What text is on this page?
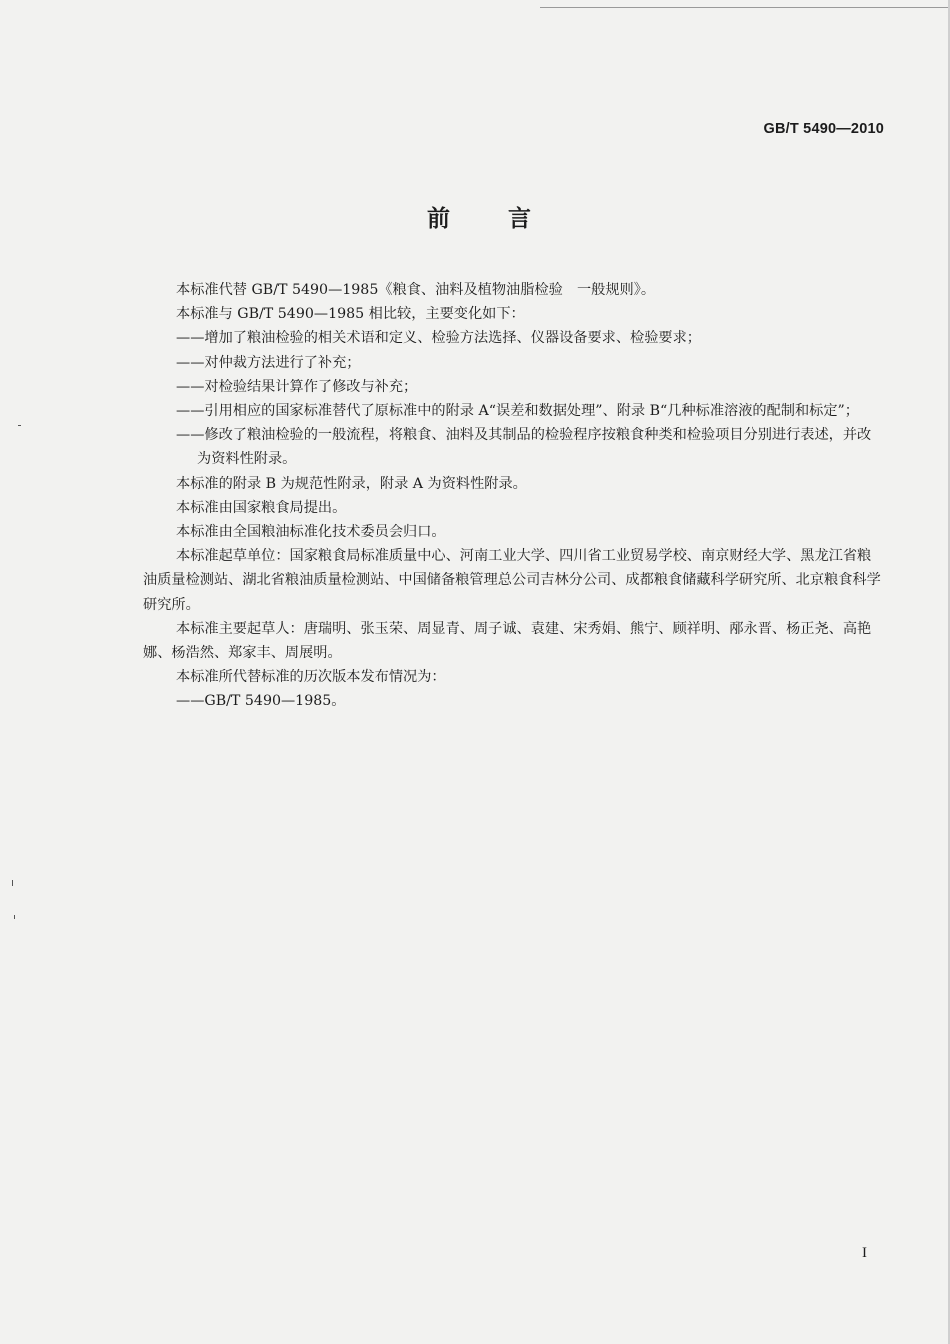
GB/T 5490—2010
前言

本标准代替 GB/T 5490—1985《粮食、油料及植物油脂检验　一般规则》。

本标准与 GB/T 5490—1985 相比较，主要变化如下：

——增加了粮油检验的相关术语和定义、检验方法选择、仪器设备要求、检验要求；

——对仲裁方法进行了补充；

——对检验结果计算作了修改与补充；

——引用相应的国家标准替代了原标准中的附录 A“误差和数据处理”、附录 B“几种标准溶液的配制和标定”；

——修改了粮油检验的一般流程，将粮食、油料及其制品的检验程序按粮食种类和检验项目分别进行表述，并改为资料性附录。

本标准的附录 B 为规范性附录，附录 A 为资料性附录。

本标准由国家粮食局提出。

本标准由全国粮油标准化技术委员会归口。

本标准起草单位：国家粮食局标准质量中心、河南工业大学、四川省工业贸易学校、南京财经大学、黑龙江省粮油质量检测站、湖北省粮油质量检测站、中国储备粮管理总公司吉林分公司、成都粮食储藏科学研究所、北京粮食科学研究所。

本标准主要起草人：唐瑞明、张玉荣、周显青、周子诚、袁建、宋秀娟、熊宁、顾祥明、邴永晋、杨正尧、高艳娜、杨浩然、郑家丰、周展明。

本标准所代替标准的历次版本发布情况为：

——GB/T 5490—1985。

I
